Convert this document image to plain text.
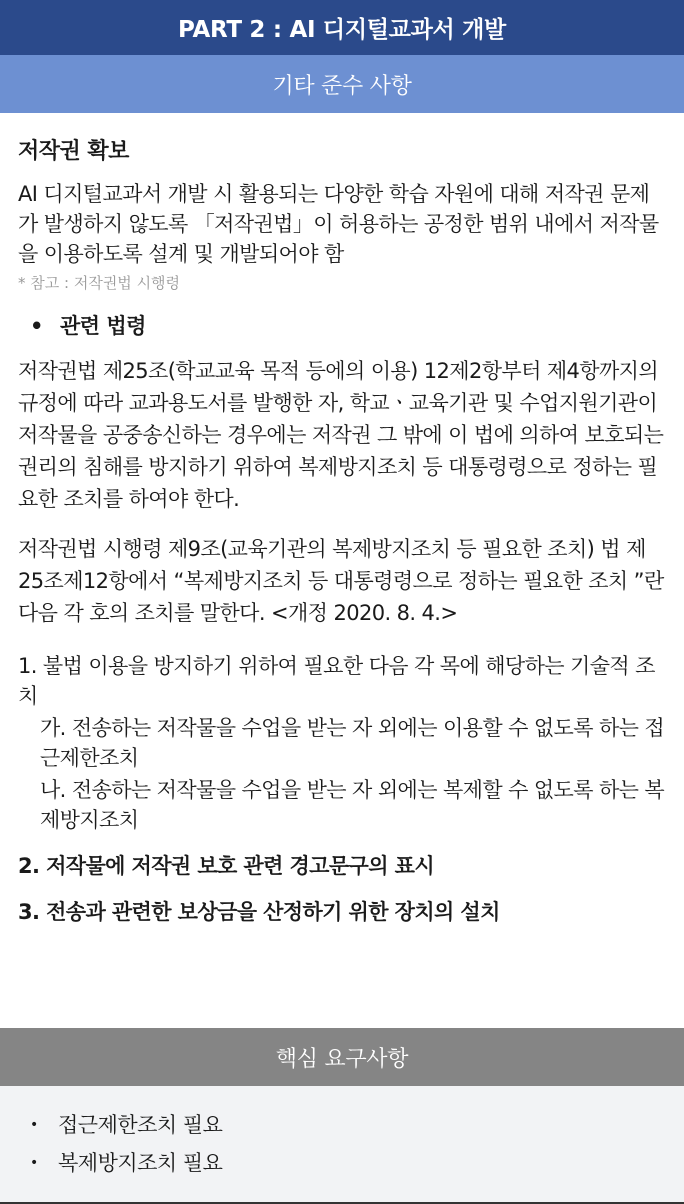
PART 2 : AI 디지털교과서 개발
기타 준수 사항
저작권 확보
AI 디지털교과서 개발 시 활용되는 다양한 학습 자원에 대해 저작권 문제가 발생하지 않도록 「저작권법」이 허용하는 공정한 범위 내에서 저작물을 이용하도록 설계 및 개발되어야 함
* 참고 : 저작권법 시행령
• 관련 법령
저작권법 제25조(학교교육 목적 등에의 이용) 12제2항부터 제4항까지의 규정에 따라 교과용도서를 발행한 자, 학교ㆍ교육기관 및 수업지원기관이 저작물을 공중송신하는 경우에는 저작권 그 밖에 이 법에 의하여 보호되는 권리의 침해를 방지하기 위하여 복제방지조치 등 대통령령으로 정하는 필요한 조치를 하여야 한다.
저작권법 시행령 제9조(교육기관의 복제방지조치 등 필요한 조치) 법 제25조제12항에서 “복제방지조치 등 대통령령으로 정하는 필요한 조치 ”란 다음 각 호의 조치를 말한다. <개정 2020. 8. 4.>
1. 불법 이용을 방지하기 위하여 필요한 다음 각 목에 해당하는 기술적 조치
가. 전송하는 저작물을 수업을 받는 자 외에는 이용할 수 없도록 하는 접근제한조치
나. 전송하는 저작물을 수업을 받는 자 외에는 복제할 수 없도록 하는 복제방지조치
2. 저작물에 저작권 보호 관련 경고문구의 표시
3. 전송과 관련한 보상금을 산정하기 위한 장치의 설치
핵심 요구사항
• 접근제한조치 필요
• 복제방지조치 필요
